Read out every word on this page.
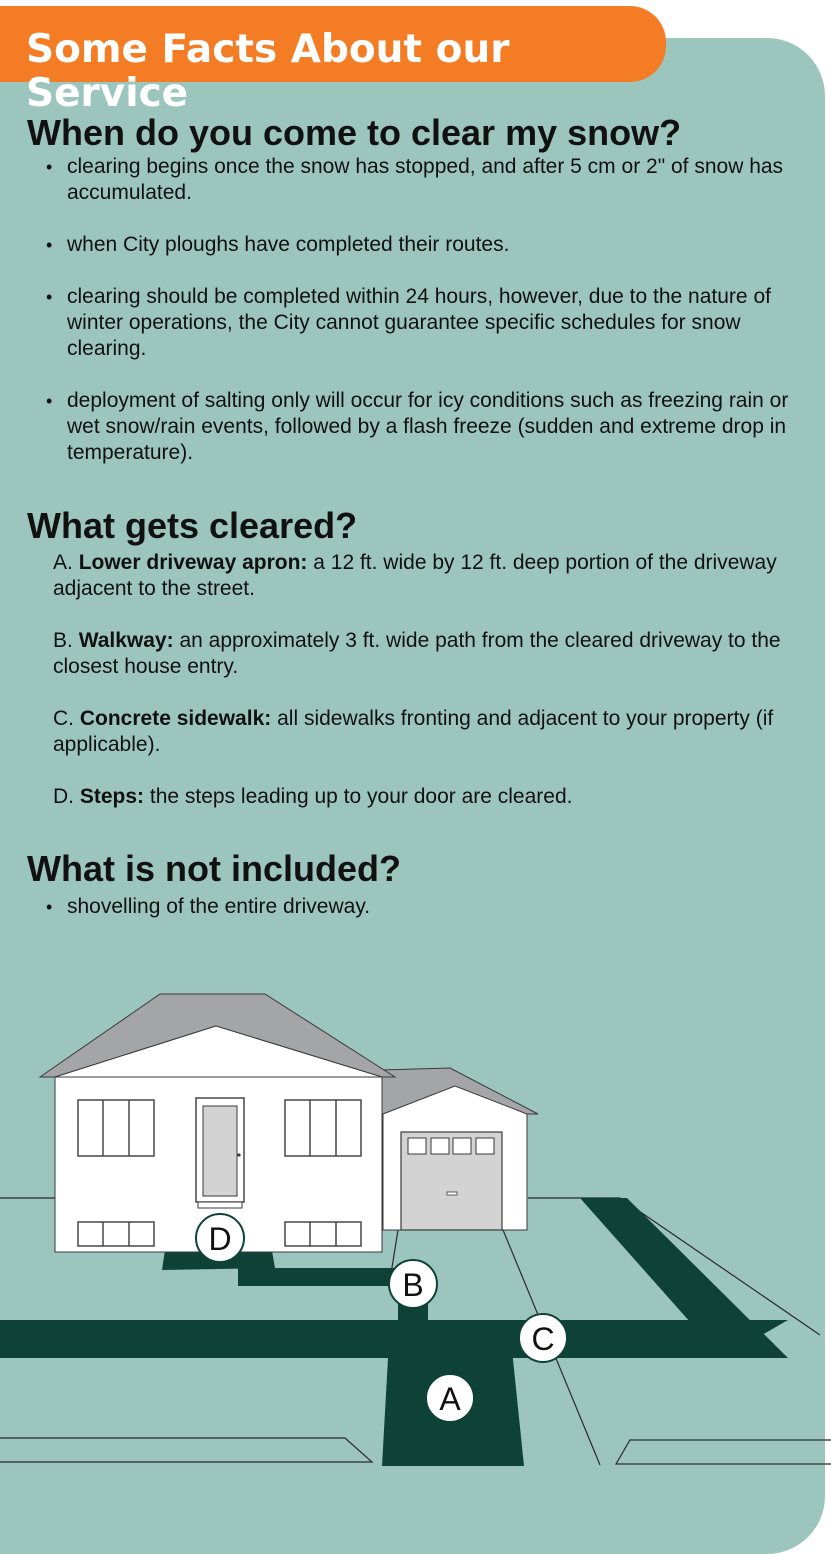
Some Facts About our Service
When do you come to clear my snow?
• clearing begins once the snow has stopped, and after 5 cm or 2" of snow has accumulated.
• when City ploughs have completed their routes.
• clearing should be completed within 24 hours, however, due to the nature of winter operations, the City cannot guarantee specific schedules for snow clearing.
• deployment of salting only will occur for icy conditions such as freezing rain or wet snow/rain events, followed by a flash freeze (sudden and extreme drop in temperature).
What gets cleared?

A. Lower driveway apron: a 12 ft. wide by 12 ft. deep portion of the driveway adjacent to the street.

B. Walkway: an approximately 3 ft. wide path from the cleared driveway to the closest house entry.

C. Concrete sidewalk: all sidewalks fronting and adjacent to your property (if applicable).

D. Steps: the steps leading up to your door are cleared.

What is not included?
• shovelling of the entire driveway.
D
B
C
A
